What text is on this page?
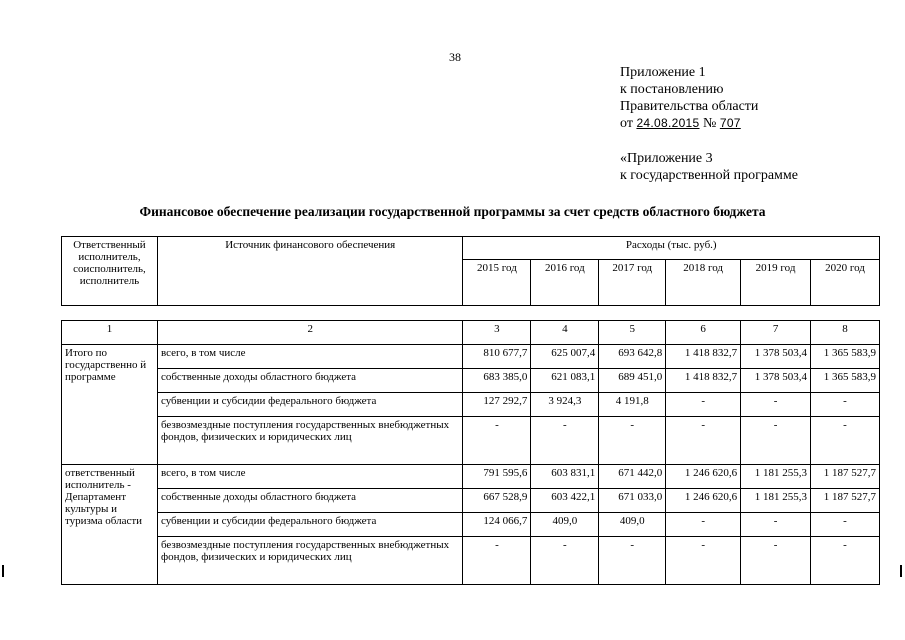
38
Приложение 1
к постановлению
Правительства области
от 24.08.2015 № 707
«Приложение 3
к государственной программе
Финансовое обеспечение реализации государственной программы за счет средств областного бюджета
Ответственный исполнитель, соисполнитель, исполнитель	Источник финансового обеспечения	Расходы (тыс. руб.)					
		2015 год	2016 год	2017 год	2018 год	2019 год	2020 год
1	2	3	4	5	6	7	8
Итого по государственно й программе	всего, в том числе	810 677,7	625 007,4	693 642,8	1 418 832,7	1 378 503,4	1 365 583,9
	собственные доходы областного бюджета	683 385,0	621 083,1	689 451,0	1 418 832,7	1 378 503,4	1 365 583,9
	субвенции и субсидии федерального бюджета	127 292,7	3 924,3	4 191,8	-	-	-
	безвозмездные поступления государственных внебюджетных фондов, физических и юридических лиц	-	-	-	-	-	-
ответственный исполнитель - Департамент культуры и туризма области	всего, в том числе	791 595,6	603 831,1	671 442,0	1 246 620,6	1 181 255,3	1 187 527,7
	собственные доходы областного бюджета	667 528,9	603 422,1	671 033,0	1 246 620,6	1 181 255,3	1 187 527,7
	субвенции и субсидии федерального бюджета	124 066,7	409,0	409,0	-	-	-
	безвозмездные поступления государственных внебюджетных фондов, физических и юридических лиц	-	-	-	-	-	-
